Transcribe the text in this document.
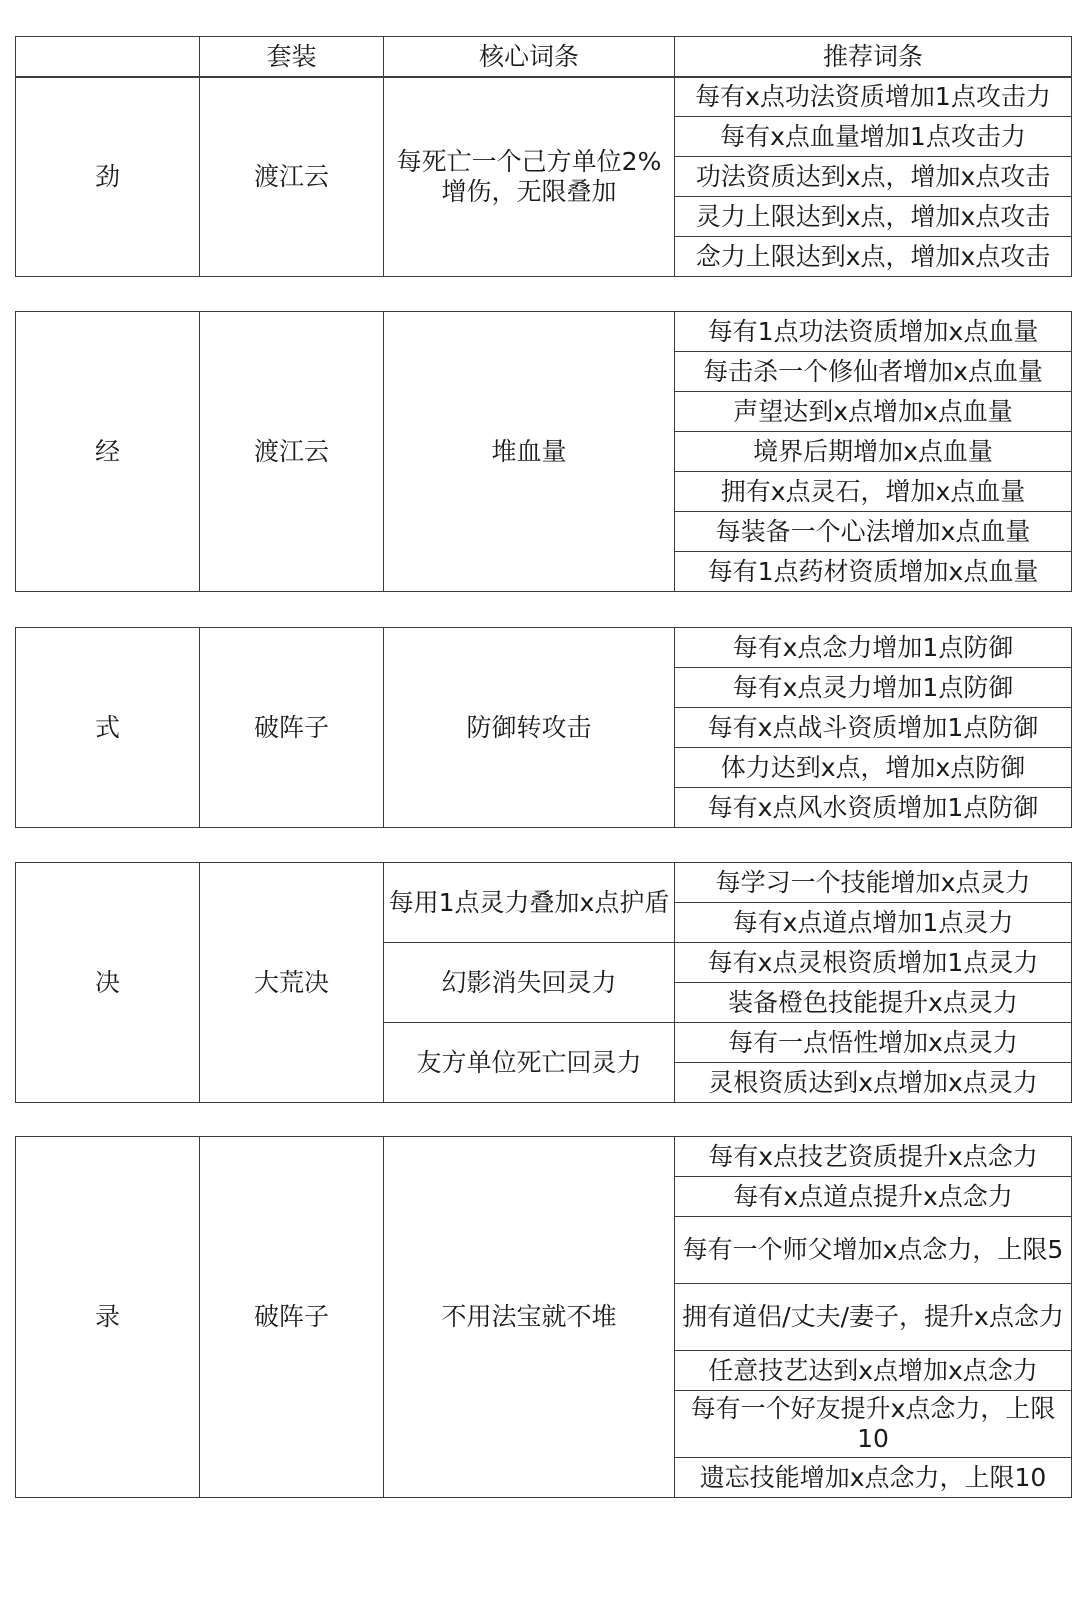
	套装	核心词条	推荐词条
劲	渡江云	每死亡一个己方单位2%增伤，无限叠加	每有x点功法资质增加1点攻击力
每有x点血量增加1点攻击力
功法资质达到x点，增加x点攻击
灵力上限达到x点，增加x点攻击
念力上限达到x点，增加x点攻击
经	渡江云	堆血量	每有1点功法资质增加x点血量
每击杀一个修仙者增加x点血量
声望达到x点增加x点血量
境界后期增加x点血量
拥有x点灵石，增加x点血量
每装备一个心法增加x点血量
每有1点药材资质增加x点血量
式	破阵子	防御转攻击	每有x点念力增加1点防御
每有x点灵力增加1点防御
每有x点战斗资质增加1点防御
体力达到x点，增加x点防御
每有x点风水资质增加1点防御
决	大荒决	每用1点灵力叠加x点护盾	每学习一个技能增加x点灵力
			每有x点道点增加1点灵力
		幻影消失回灵力	每有x点灵根资质增加1点灵力
			装备橙色技能提升x点灵力
		友方单位死亡回灵力	每有一点悟性增加x点灵力
			灵根资质达到x点增加x点灵力
录	破阵子	不用法宝就不堆	每有x点技艺资质提升x点念力
每有x点道点提升x点念力
每有一个师父增加x点念力，上限5
拥有道侣/丈夫/妻子，提升x点念力
任意技艺达到x点增加x点念力
每有一个好友提升x点念力，上限10
遗忘技能增加x点念力，上限10
